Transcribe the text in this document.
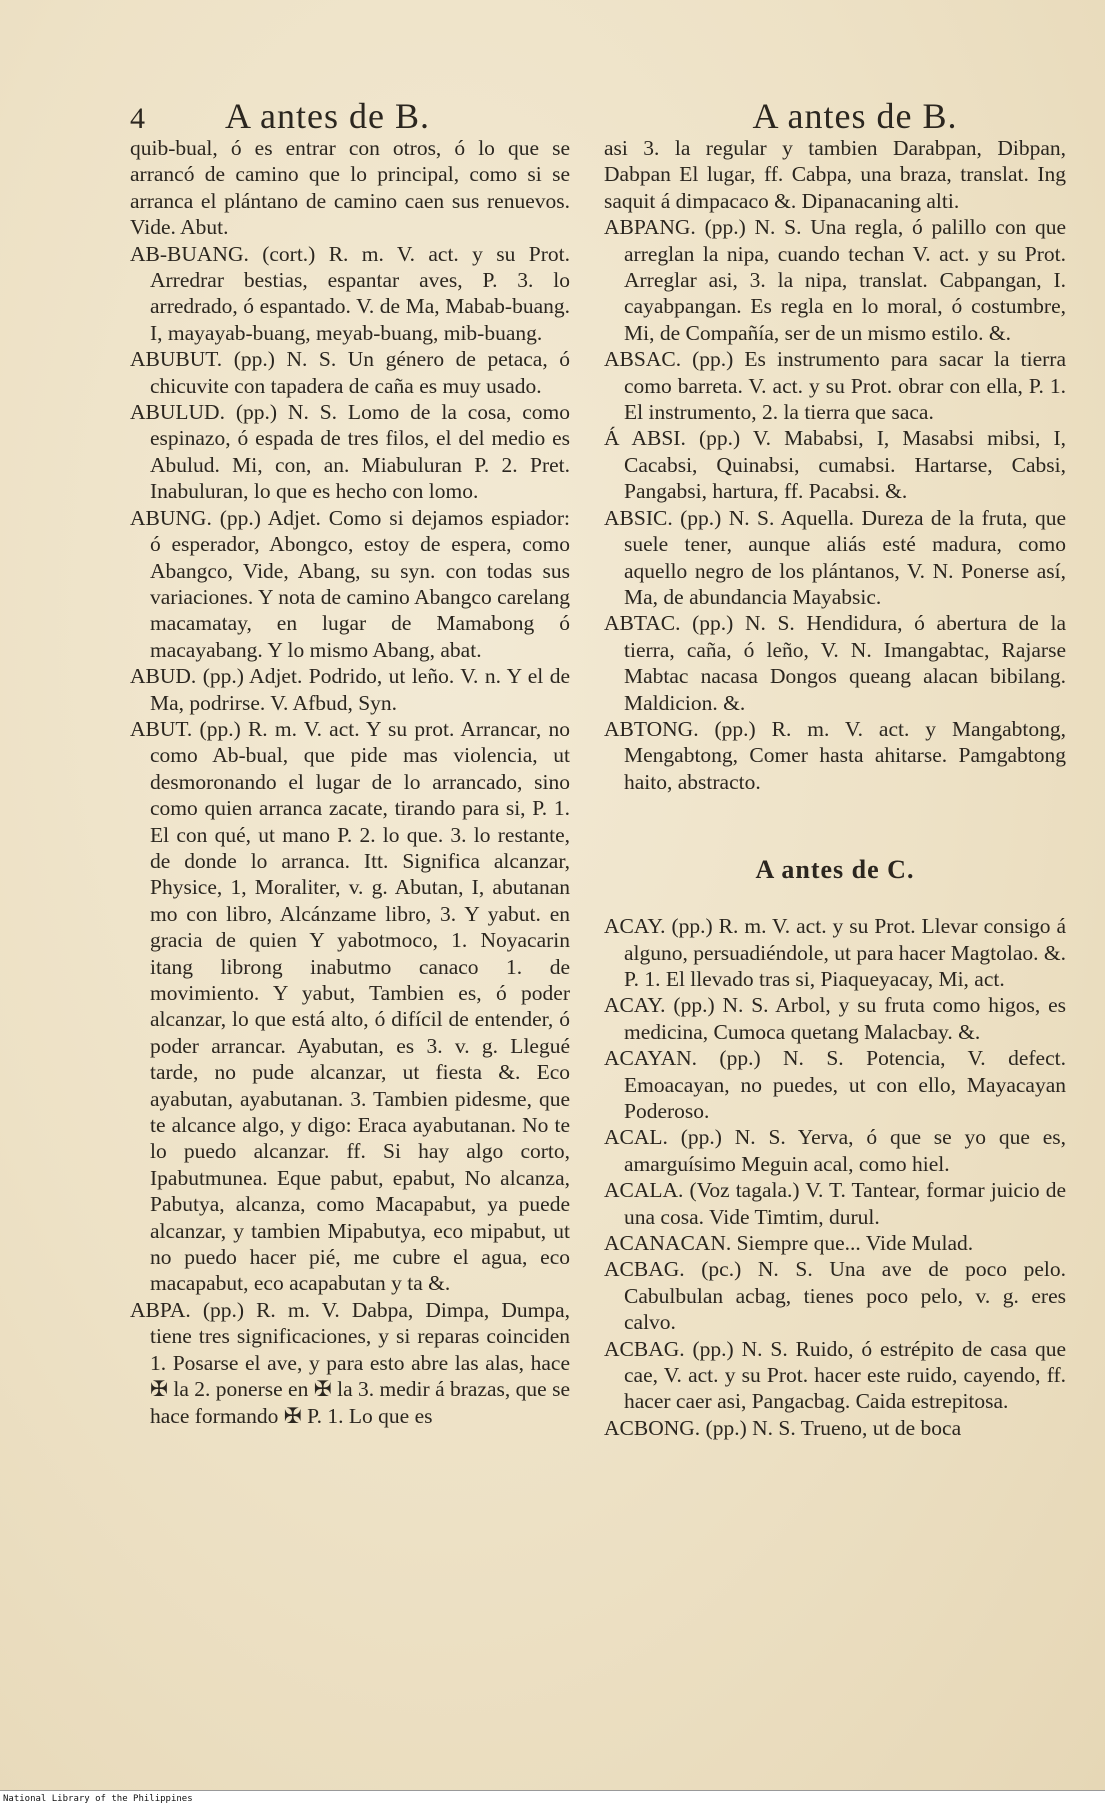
4 A antes de B.

quib-bual, ó es entrar con otros, ó lo que se arrancó de camino que lo principal, como si se arranca el plántano de camino caen sus renuevos. Vide. Abut.

AB-BUANG. (cort.) R. m. V. act. y su Prot. Arredrar bestias, espantar aves, P. 3. lo arredrado, ó espantado. V. de Ma, Mabab-buang. I, mayayab-buang, meyab-buang, mib-buang.

ABUBUT. (pp.) N. S. Un género de petaca, ó chicuvite con tapadera de caña es muy usado.

ABULUD. (pp.) N. S. Lomo de la cosa, como espinazo, ó espada de tres filos, el del medio es Abulud. Mi, con, an. Miabuluran P. 2. Pret. Inabuluran, lo que es hecho con lomo.

ABUNG. (pp.) Adjet. Como si dejamos espiador: ó esperador, Abongco, estoy de espera, como Abangco, Vide, Abang, su syn. con todas sus variaciones. Y nota de camino Abangco carelang macamatay, en lugar de Mamabong ó macayabang. Y lo mismo Abang, abat.

ABUD. (pp.) Adjet. Podrido, ut leño. V. n. Y el de Ma, podrirse. V. Afbud, Syn.

ABUT. (pp.) R. m. V. act. Y su prot. Arrancar, no como Ab-bual, que pide mas violencia, ut desmoronando el lugar de lo arrancado, sino como quien arranca zacate, tirando para si, P. 1. El con qué, ut mano P. 2. lo que. 3. lo restante, de donde lo arranca. Itt. Significa alcanzar, Physice, 1, Moraliter, v. g. Abutan, I, abutanan mo con libro, Alcánzame libro, 3. Y yabut. en gracia de quien Y yabotmoco, 1. Noyacarin itang librong inabutmo canaco 1. de movimiento. Y yabut, Tambien es, ó poder alcanzar, lo que está alto, ó difícil de entender, ó poder arrancar. Ayabutan, es 3. v. g. Llegué tarde, no pude alcanzar, ut fiesta &. Eco ayabutan, ayabutanan. 3. Tambien pidesme, que te alcance algo, y digo: Eraca ayabutanan. No te lo puedo alcanzar. ff. Si hay algo corto, Ipabutmunea. Eque pabut, epabut, No alcanza, Pabutya, alcanza, como Macapabut, ya puede alcanzar, y tambien Mipabutya, eco mipabut, ut no puedo hacer pié, me cubre el agua, eco macapabut, eco acapabutan y ta &.

ABPA. (pp.) R. m. V. Dabpa, Dimpa, Dumpa, tiene tres significaciones, y si reparas coinciden 1. Posarse el ave, y para esto abre las alas, hace ✠ la 2. ponerse en ✠ la 3. medir á brazas, que se hace formando ✠ P. 1. Lo que es

A antes de B.

asi 3. la regular y tambien Darabpan, Dibpan, Dabpan El lugar, ff. Cabpa, una braza, translat. Ing saquit á dimpacaco &. Dipanacaning alti.

ABPANG. (pp.) N. S. Una regla, ó palillo con que arreglan la nipa, cuando techan V. act. y su Prot. Arreglar asi, 3. la nipa, translat. Cabpangan, I. cayabpangan. Es regla en lo moral, ó costumbre, Mi, de Compañía, ser de un mismo estilo. &.

ABSAC. (pp.) Es instrumento para sacar la tierra como barreta. V. act. y su Prot. obrar con ella, P. 1. El instrumento, 2. la tierra que saca.

Á ABSI. (pp.) V. Mababsi, I, Masabsi mibsi, I, Cacabsi, Quinabsi, cumabsi. Hartarse, Cabsi, Pangabsi, hartura, ff. Pacabsi. &.

ABSIC. (pp.) N. S. Aquella. Dureza de la fruta, que suele tener, aunque aliás esté madura, como aquello negro de los plántanos, V. N. Ponerse así, Ma, de abundancia Mayabsic.

ABTAC. (pp.) N. S. Hendidura, ó abertura de la tierra, caña, ó leño, V. N. Imangabtac, Rajarse Mabtac nacasa Dongos queang alacan bibilang. Maldicion. &.

ABTONG. (pp.) R. m. V. act. y Mangabtong, Mengabtong, Comer hasta ahitarse. Pamgabtong haito, abstracto.

A antes de C.

ACAY. (pp.) R. m. V. act. y su Prot. Llevar consigo á alguno, persuadiéndole, ut para hacer Magtolao. &. P. 1. El llevado tras si, Piaqueyacay, Mi, act.

ACAY. (pp.) N. S. Arbol, y su fruta como higos, es medicina, Cumoca quetang Malacbay. &.

ACAYAN. (pp.) N. S. Potencia, V. defect. Emoacayan, no puedes, ut con ello, Mayacayan Poderoso.

ACAL. (pp.) N. S. Yerva, ó que se yo que es, amarguísimo Meguin acal, como hiel.

ACALA. (Voz tagala.) V. T. Tantear, formar juicio de una cosa. Vide Timtim, durul.

ACANACAN. Siempre que... Vide Mulad.

ACBAG. (pc.) N. S. Una ave de poco pelo. Cabulbulan acbag, tienes poco pelo, v. g. eres calvo.

ACBAG. (pp.) N. S. Ruido, ó estrépito de casa que cae, V. act. y su Prot. hacer este ruido, cayendo, ff. hacer caer asi, Pangacbag. Caida estrepitosa.

ACBONG. (pp.) N. S. Trueno, ut de boca

National Library of the Philippines
